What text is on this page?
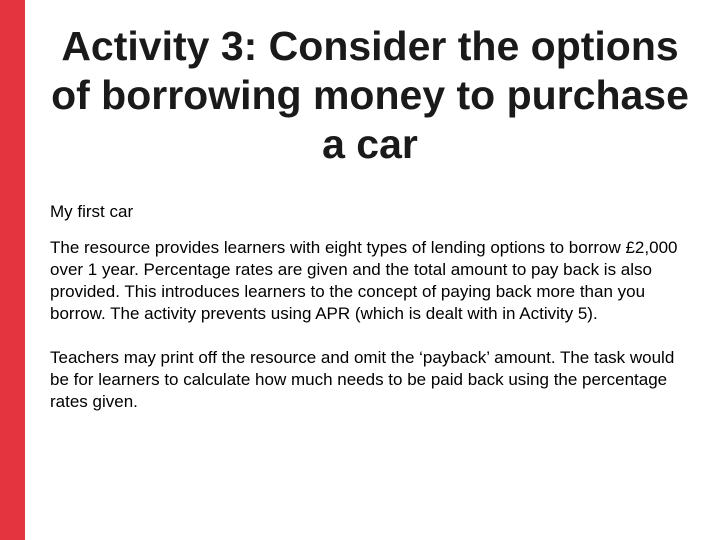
Activity 3: Consider the options of borrowing money to purchase a car

My first car

The resource provides learners with eight types of lending options to borrow £2,000 over 1 year. Percentage rates are given and the total amount to pay back is also provided. This introduces learners to the concept of paying back more than you borrow. The activity prevents using APR (which is dealt with in Activity 5).

Teachers may print off the resource and omit the ‘payback’ amount. The task would be for learners to calculate how much needs to be paid back using the percentage rates given.
